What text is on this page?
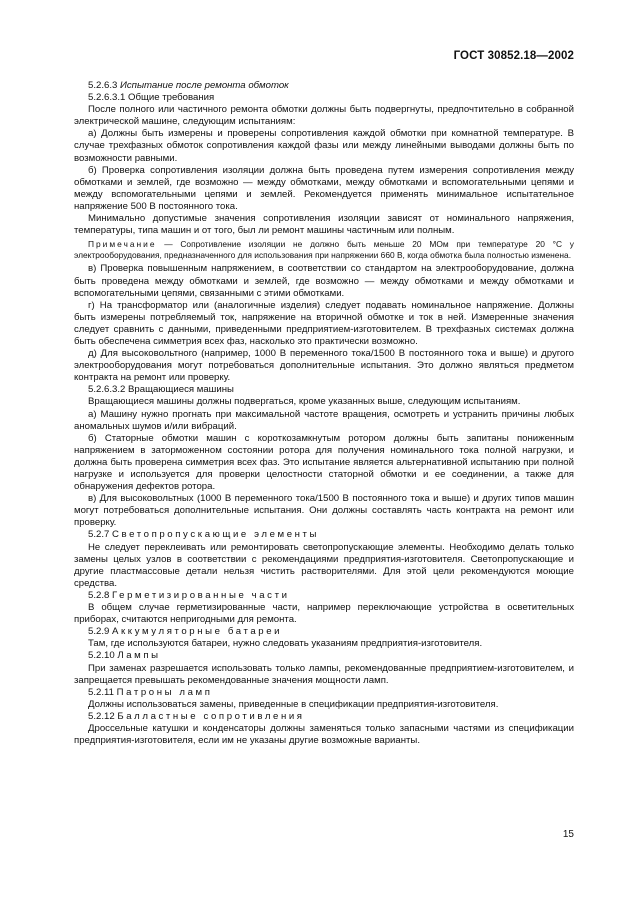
ГОСТ 30852.18—2002

5.2.6.3 Испытание после ремонта обмоток

5.2.6.3.1 Общие требования

После полного или частичного ремонта обмотки должны быть подвергнуты, предпочтительно в собранной электрической машине, следующим испытаниям:

а) Должны быть измерены и проверены сопротивления каждой обмотки при комнатной температуре. В случае трехфазных обмоток сопротивления каждой фазы или между линейными выводами должны быть по возможности равными.

б) Проверка сопротивления изоляции должна быть проведена путем измерения сопротивления между обмотками и землей, где возможно — между обмотками, между обмотками и вспомогательными цепями и между вспомогательными цепями и землей. Рекомендуется применять минимальное испытательное напряжение 500 В постоянного тока.

Минимально допустимые значения сопротивления изоляции зависят от номинального напряжения, температуры, типа машин и от того, был ли ремонт машины частичным или полным.

Примечание — Сопротивление изоляции не должно быть меньше 20 МОм при температуре 20 °С у электрооборудования, предназначенного для использования при напряжении 660 В, когда обмотка была полностью изменена.

в) Проверка повышенным напряжением, в соответствии со стандартом на электрооборудование, должна быть проведена между обмотками и землей, где возможно — между обмотками и между обмотками и вспомогательными цепями, связанными с этими обмотками.

г) На трансформатор или (аналогичные изделия) следует подавать номинальное напряжение. Должны быть измерены потребляемый ток, напряжение на вторичной обмотке и ток в ней. Измеренные значения следует сравнить с данными, приведенными предприятием-изготовителем. В трехфазных системах должна быть обеспечена симметрия всех фаз, насколько это практически возможно.

д) Для высоковольтного (например, 1000 В переменного тока/1500 В постоянного тока и выше) и другого электрооборудования могут потребоваться дополнительные испытания. Это должно являться предметом контракта на ремонт или проверку.

5.2.6.3.2 Вращающиеся машины

Вращающиеся машины должны подвергаться, кроме указанных выше, следующим испытаниям.

а) Машину нужно прогнать при максимальной частоте вращения, осмотреть и устранить причины любых аномальных шумов и/или вибраций.

б) Статорные обмотки машин с короткозамкнутым ротором должны быть запитаны пониженным напряжением в заторможенном состоянии ротора для получения номинального тока полной нагрузки, и должна быть проверена симметрия всех фаз. Это испытание является альтернативной испытанию при полной нагрузке и используется для проверки целостности статорной обмотки и ее соединении, а также для обнаружения дефектов ротора.

в) Для высоковольтных (1000 В переменного тока/1500 В постоянного тока и выше) и других типов машин могут потребоваться дополнительные испытания. Они должны составлять часть контракта на ремонт или проверку.

5.2.7 Светопропускающие элементы

Не следует переклеивать или ремонтировать светопропускающие элементы. Необходимо делать только замены целых узлов в соответствии с рекомендациями предприятия-изготовителя. Светопропускающие и другие пластмассовые детали нельзя чистить растворителями. Для этой цели рекомендуются моющие средства.

5.2.8 Герметизированные части

В общем случае герметизированные части, например переключающие устройства в осветительных приборах, считаются непригодными для ремонта.

5.2.9 Аккумуляторные батареи

Там, где используются батареи, нужно следовать указаниям предприятия-изготовителя.

5.2.10 Лампы

При заменах разрешается использовать только лампы, рекомендованные предприятием-изготовителем, и запрещается превышать рекомендованные значения мощности ламп.

5.2.11 Патроны ламп

Должны использоваться замены, приведенные в спецификации предприятия-изготовителя.

5.2.12 Балластные сопротивления

Дроссельные катушки и конденсаторы должны заменяться только запасными частями из спецификации предприятия-изготовителя, если им не указаны другие возможные варианты.

15
